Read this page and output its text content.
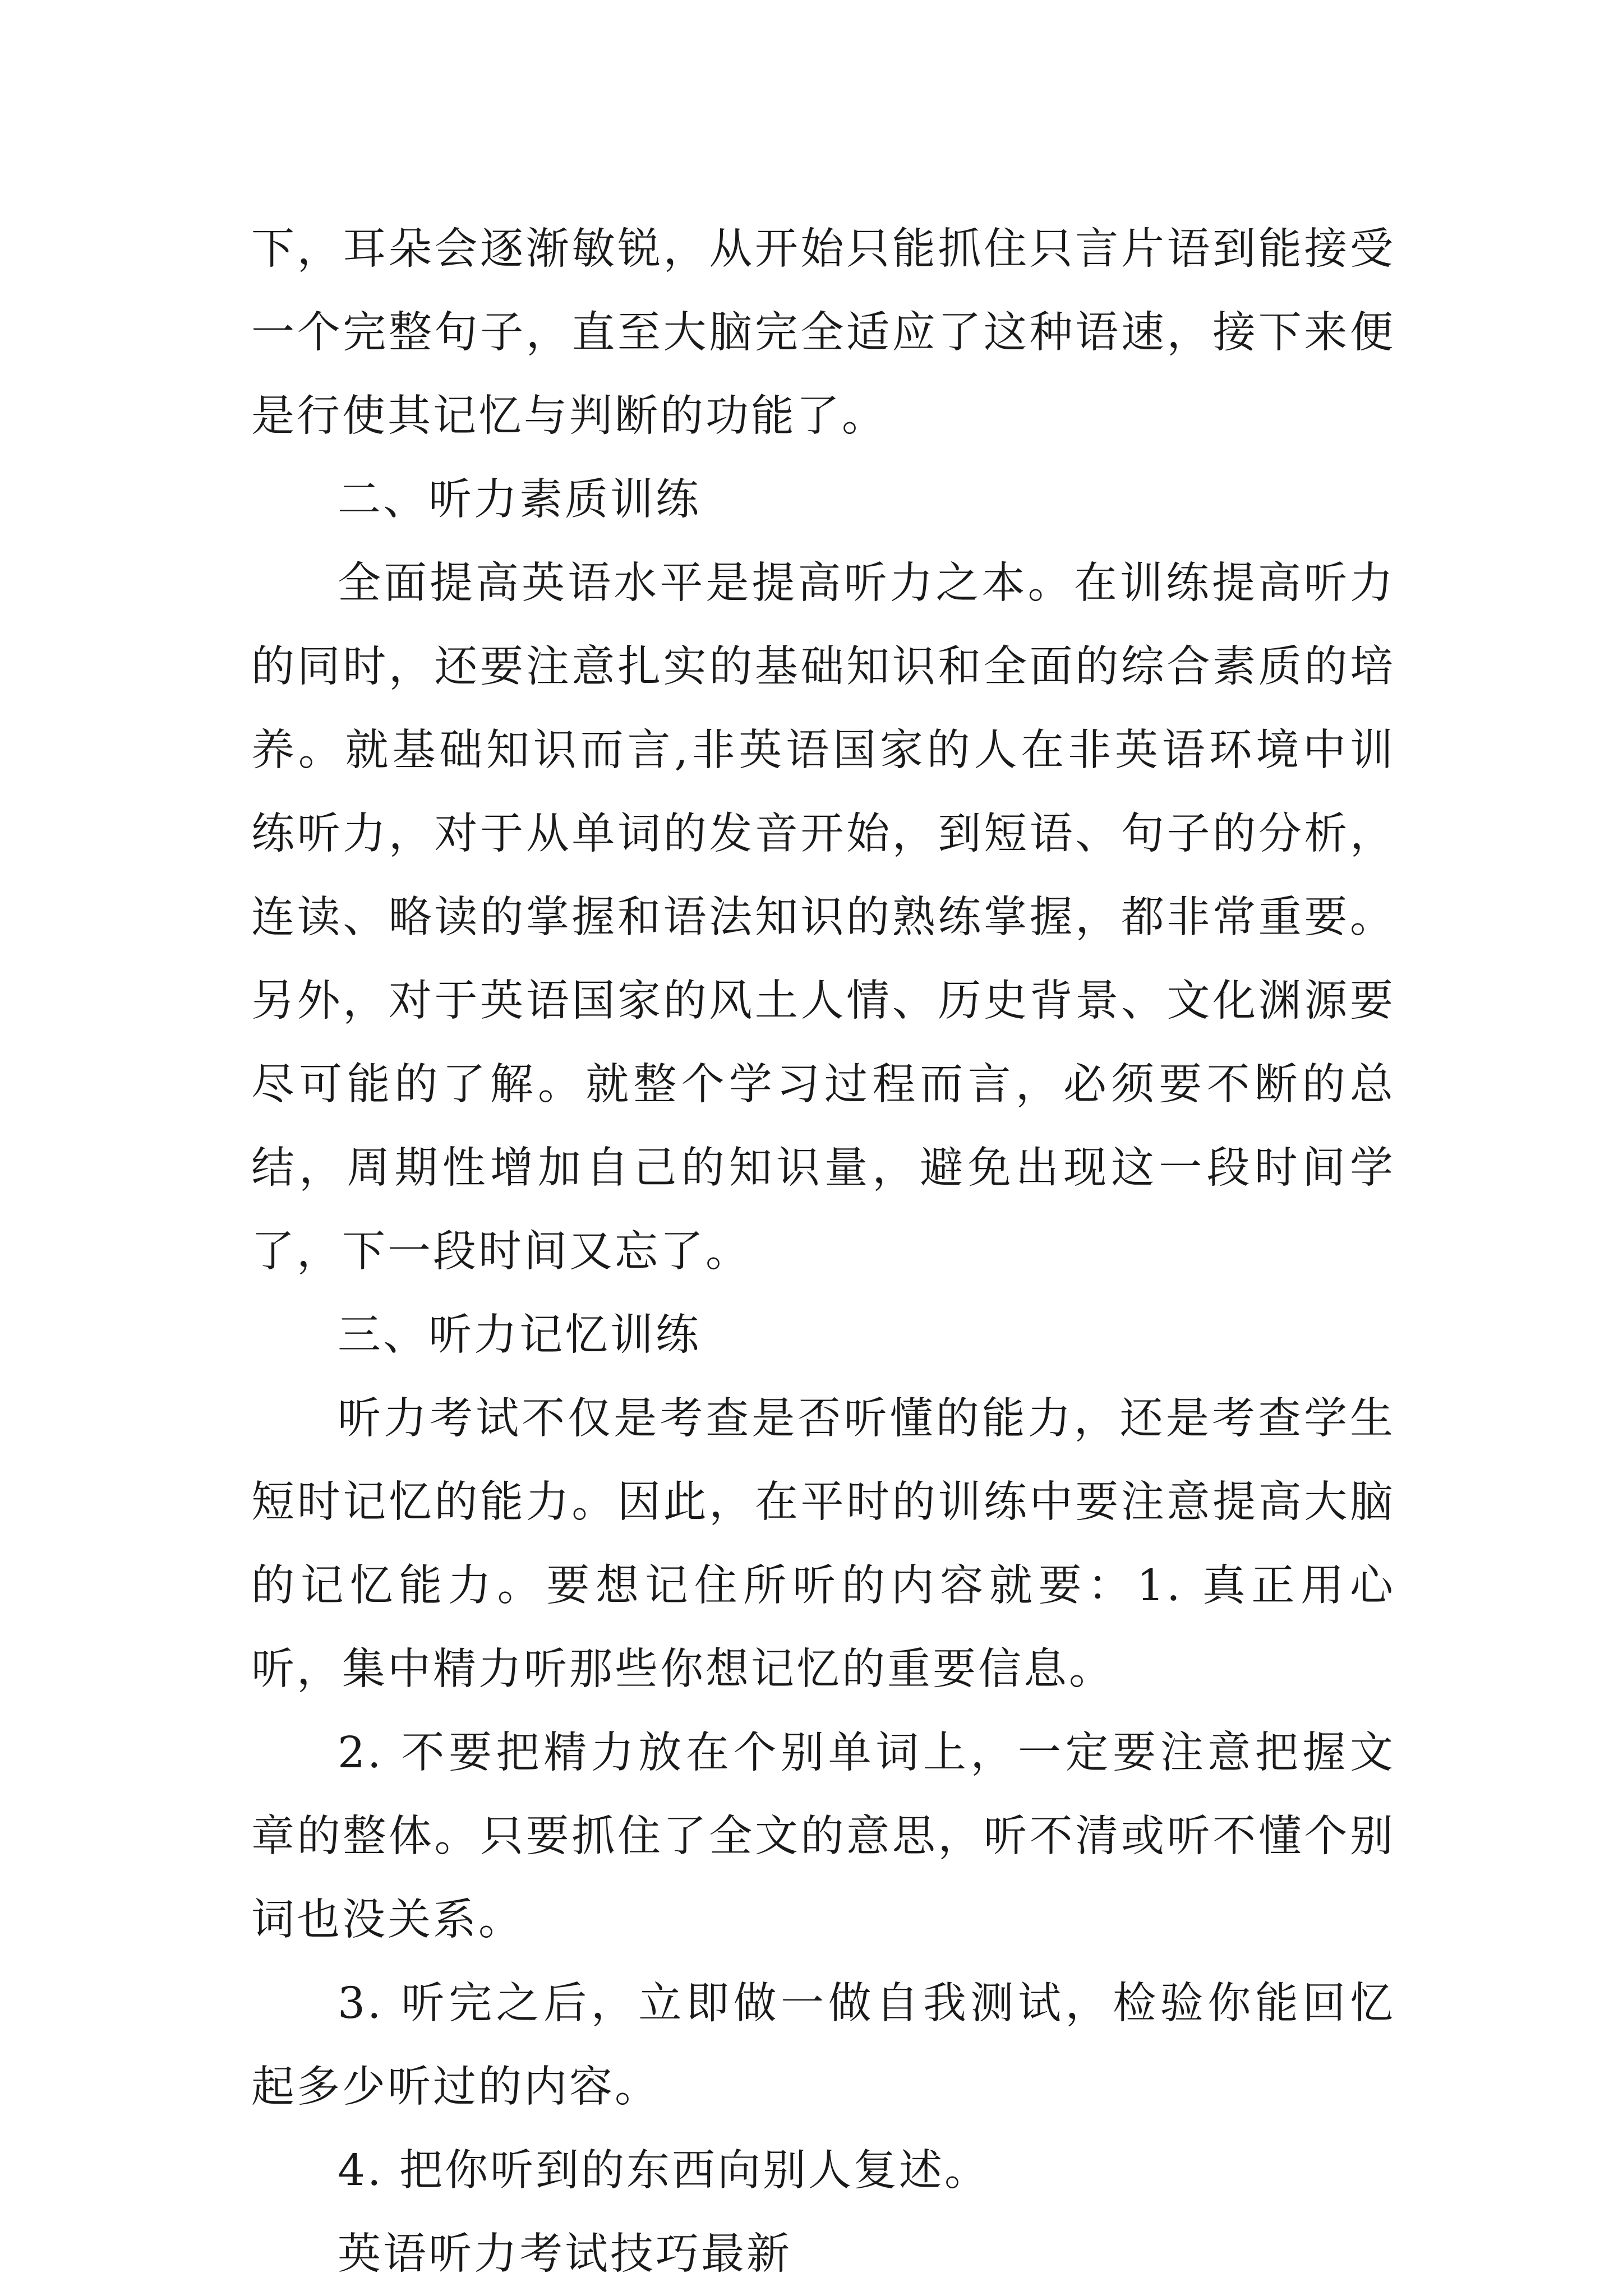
下，耳朵会逐渐敏锐，从开始只能抓住只言片语到能接受一个完整句子，直至大脑完全适应了这种语速，接下来便是行使其记忆与判断的功能了。

二、听力素质训练

全面提高英语水平是提高听力之本。在训练提高听力的同时，还要注意扎实的基础知识和全面的综合素质的培养。就基础知识而言,非英语国家的人在非英语环境中训练听力，对于从单词的发音开始，到短语、句子的分析，连读、略读的掌握和语法知识的熟练掌握，都非常重要。另外，对于英语国家的风土人情、历史背景、文化渊源要尽可能的了解。就整个学习过程而言，必须要不断的总结，周期性增加自己的知识量，避免出现这一段时间学了，下一段时间又忘了。

三、听力记忆训练

听力考试不仅是考查是否听懂的能力，还是考查学生短时记忆的能力。因此，在平时的训练中要注意提高大脑的记忆能力。要想记住所听的内容就要：1. 真正用心听，集中精力听那些你想记忆的重要信息。

2. 不要把精力放在个别单词上，一定要注意把握文章的整体。只要抓住了全文的意思，听不清或听不懂个别词也没关系。

3. 听完之后，立即做一做自我测试，检验你能回忆起多少听过的内容。

4. 把你听到的东西向别人复述。

英语听力考试技巧最新
